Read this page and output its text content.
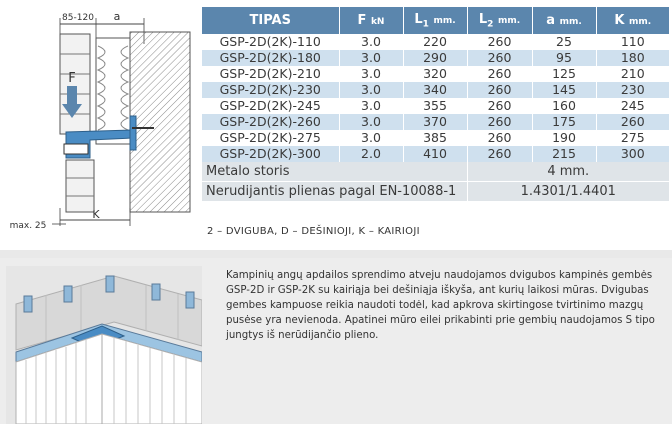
85-120 a
F
K
max. 25
TIPAS	F kN	$L_1$ mm.	$L_2$ mm.	a mm.	K mm.
GSP-2D(2K)-110	3.0	220	260	25	110
GSP-2D(2K)-180	3.0	290	260	95	180
GSP-2D(2K)-210	3.0	320	260	125	210
GSP-2D(2K)-230	3.0	340	260	145	230
GSP-2D(2K)-245	3.0	355	260	160	245
GSP-2D(2K)-260	3.0	370	260	175	260
GSP-2D(2K)-275	3.0	385	260	190	275
GSP-2D(2K)-300	2.0	410	260	215	300
Metalo storis			4 mm.		
Nerudijantis plienas pagal EN-10088-1			1.4301/1.4401		
2 – DVIGUBA, D – DEŠINIOJI, K – KAIRIOJI
Kampinių angų apdailos sprendimo atveju naudojamos dvigubos kampinės gembės GSP-2D ir GSP-2K su kairiąja bei dešiniąja iškyša, ant kurių laikosi mūras. Dvigubas gembes kampuose reikia naudoti todėl, kad apkrova skirtingose tvirtinimo mazgų pusėse yra nevienoda. Apatinei mūro eilei prikabinti prie gembių naudojamos S tipo jungtys iš nerūdijančio plieno.
